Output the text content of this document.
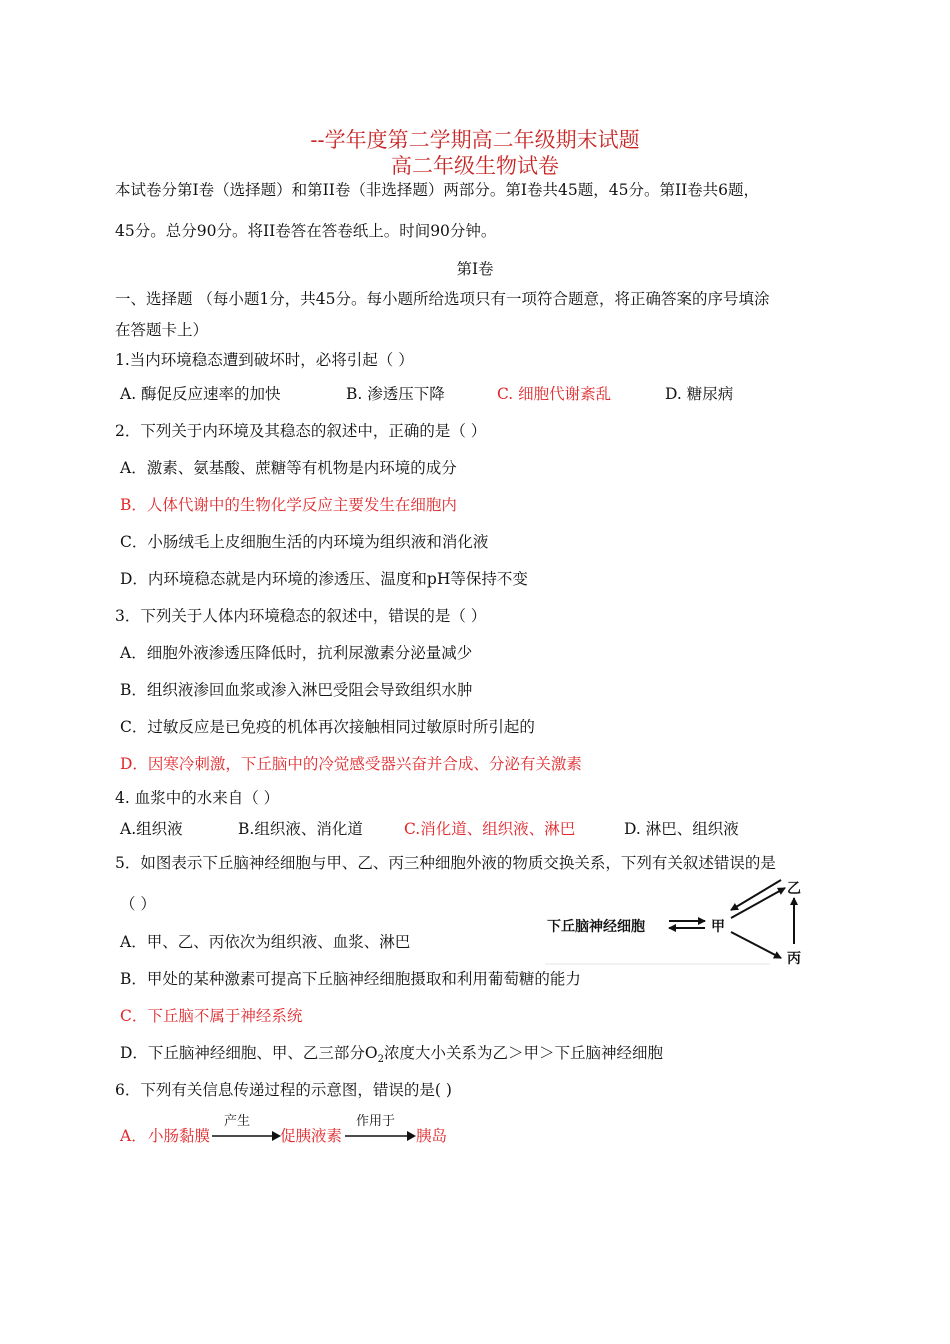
--学年度第二学期高二年级期末试题
高二年级生物试卷
本试卷分第I卷（选择题）和第II卷（非选择题）两部分。第I卷共45题，45分。第II卷共6题，
45分。总分90分。将II卷答在答卷纸上。时间90分钟。
第I卷
一、选择题 （每小题1分，共45分。每小题所给选项只有一项符合题意，将正确答案的序号填涂
在答题卡上）
1.当内环境稳态遭到破坏时，必将引起（ ）
A. 酶促反应速率的加快	B. 渗透压下降	C. 细胞代谢紊乱	D. 糖尿病
2．下列关于内环境及其稳态的叙述中，正确的是（ ）
A．激素、氨基酸、蔗糖等有机物是内环境的成分
B．人体代谢中的生物化学反应主要发生在细胞内
C．小肠绒毛上皮细胞生活的内环境为组织液和消化液
D．内环境稳态就是内环境的渗透压、温度和pH等保持不变
3．下列关于人体内环境稳态的叙述中，错误的是（ ）
A．细胞外液渗透压降低时，抗利尿激素分泌量减少
B．组织液渗回血浆或渗入淋巴受阻会导致组织水肿
C．过敏反应是已免疫的机体再次接触相同过敏原时所引起的
D．因寒冷刺激，下丘脑中的冷觉感受器兴奋并合成、分泌有关激素
4. 血浆中的水来自（ ）
A.组织液	B.组织液、消化道	C.消化道、组织液、淋巴	D. 淋巴、组织液
5．如图表示下丘脑神经细胞与甲、乙、丙三种细胞外液的物质交换关系，下列有关叙述错误的是
（ ）
A．甲、乙、丙依次为组织液、血浆、淋巴
B．甲处的某种激素可提高下丘脑神经细胞摄取和利用葡萄糖的能力
C．下丘脑不属于神经系统
D．下丘脑神经细胞、甲、乙三部分$O_2$浓度大小关系为乙＞甲＞下丘脑神经细胞
下丘脑神经细胞	甲
乙
丙
6．下列有关信息传递过程的示意图，错误的是( )
A． 小肠黏膜
产生
促胰液素
作用于
胰岛
